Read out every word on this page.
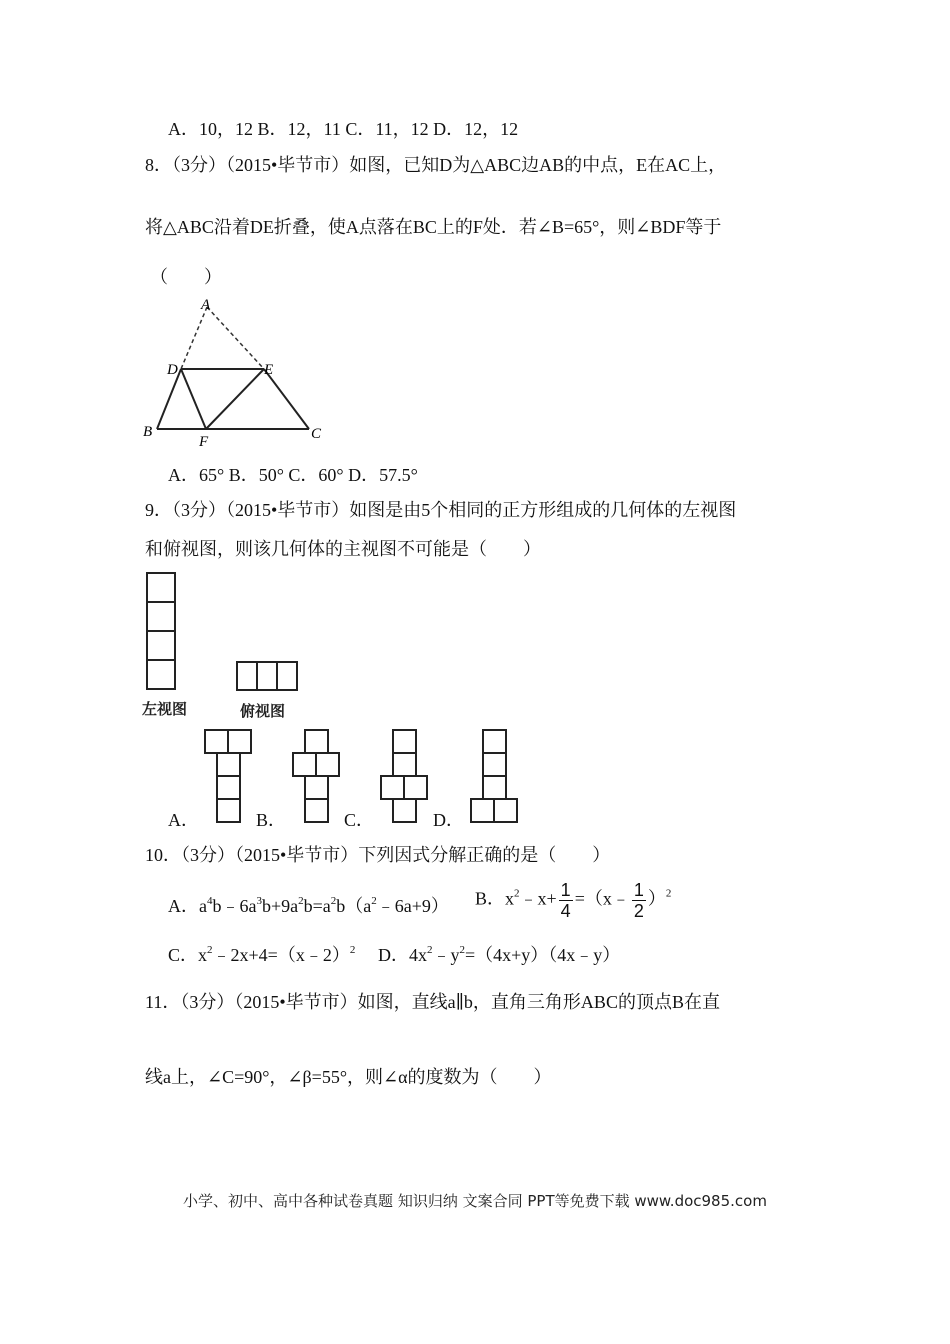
A．10，12 B．12，11 C．11，12 D．12，12
8．（3分）（2015•毕节市）如图，已知D为△ABC边AB的中点，E在AC上，
将△ABC沿着DE折叠，使A点落在BC上的F处．若∠B=65°，则∠BDF等于
（　　）
A
D	E
B
F	C
A．65° B．50° C．60° D．57.5°
9．（3分）（2015•毕节市）如图是由5个相同的正方形组成的几何体的左视图
和俯视图，则该几何体的主视图不可能是（　　）
左视图	俯视图
A．	B．	C．	D．
10．（3分）（2015•毕节市）下列因式分解正确的是（　　）
A．$a^4b﹣6a^3b+9a^2b=a^2b(a^2﹣6a+9)$ B．$x^2﹣x+ \frac{1}{4}$ =（x﹣ $\frac{1}{2} )^2$
C．$x^2﹣2x+4=(x﹣2)^2$ D．$4x^2﹣y^2=(4x+y)(4x﹣y)$
11．（3分）（2015•毕节市）如图，直线a∥b，直角三角形ABC的顶点B在直
线a上，∠C=90°，∠β=55°，则∠α的度数为（　　）
小学、初中、高中各种试卷真题 知识归纳 文案合同 PPT等免费下载 www.doc985.com
